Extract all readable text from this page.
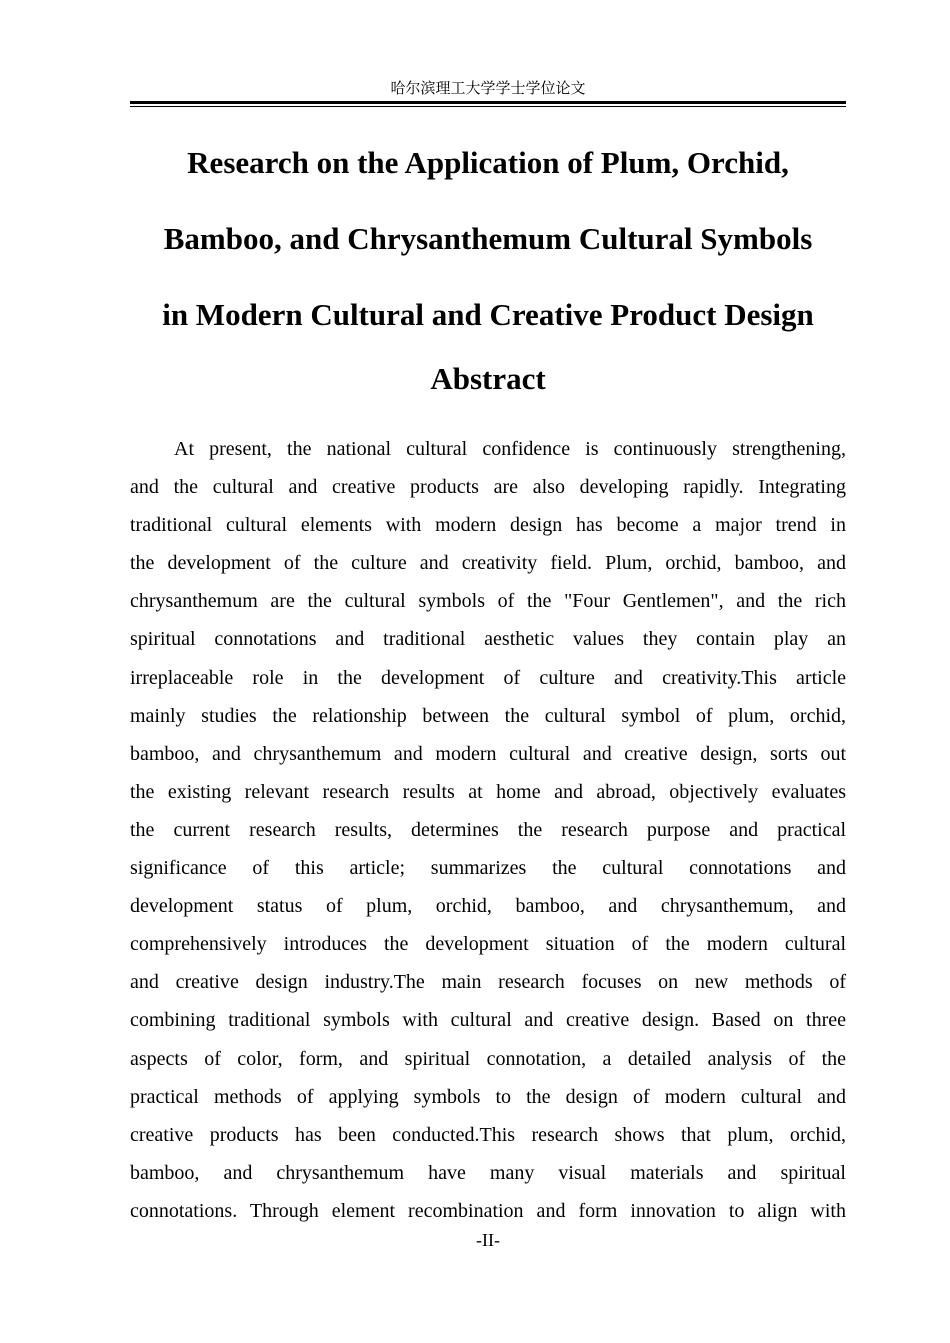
哈尔滨理工大学学士学位论文
Research on the Application of Plum, Orchid,
Bamboo, and Chrysanthemum Cultural Symbols
in Modern Cultural and Creative Product Design
Abstract
At present, the national cultural confidence is continuously strengthening,
and the cultural and creative products are also developing rapidly. Integrating
traditional cultural elements with modern design has become a major trend in
the development of the culture and creativity field. Plum, orchid, bamboo, and
chrysanthemum are the cultural symbols of the "Four Gentlemen", and the rich
spiritual connotations and traditional aesthetic values they contain play an
irreplaceable role in the development of culture and creativity.This article
mainly studies the relationship between the cultural symbol of plum, orchid,
bamboo, and chrysanthemum and modern cultural and creative design, sorts out
the existing relevant research results at home and abroad, objectively evaluates
the current research results, determines the research purpose and practical
significance of this article; summarizes the cultural connotations and
development status of plum, orchid, bamboo, and chrysanthemum, and
comprehensively introduces the development situation of the modern cultural
and creative design industry.The main research focuses on new methods of
combining traditional symbols with cultural and creative design. Based on three
aspects of color, form, and spiritual connotation, a detailed analysis of the
practical methods of applying symbols to the design of modern cultural and
creative products has been conducted.This research shows that plum, orchid,
bamboo, and chrysanthemum have many visual materials and spiritual
connotations. Through element recombination and form innovation to align with
-II-
